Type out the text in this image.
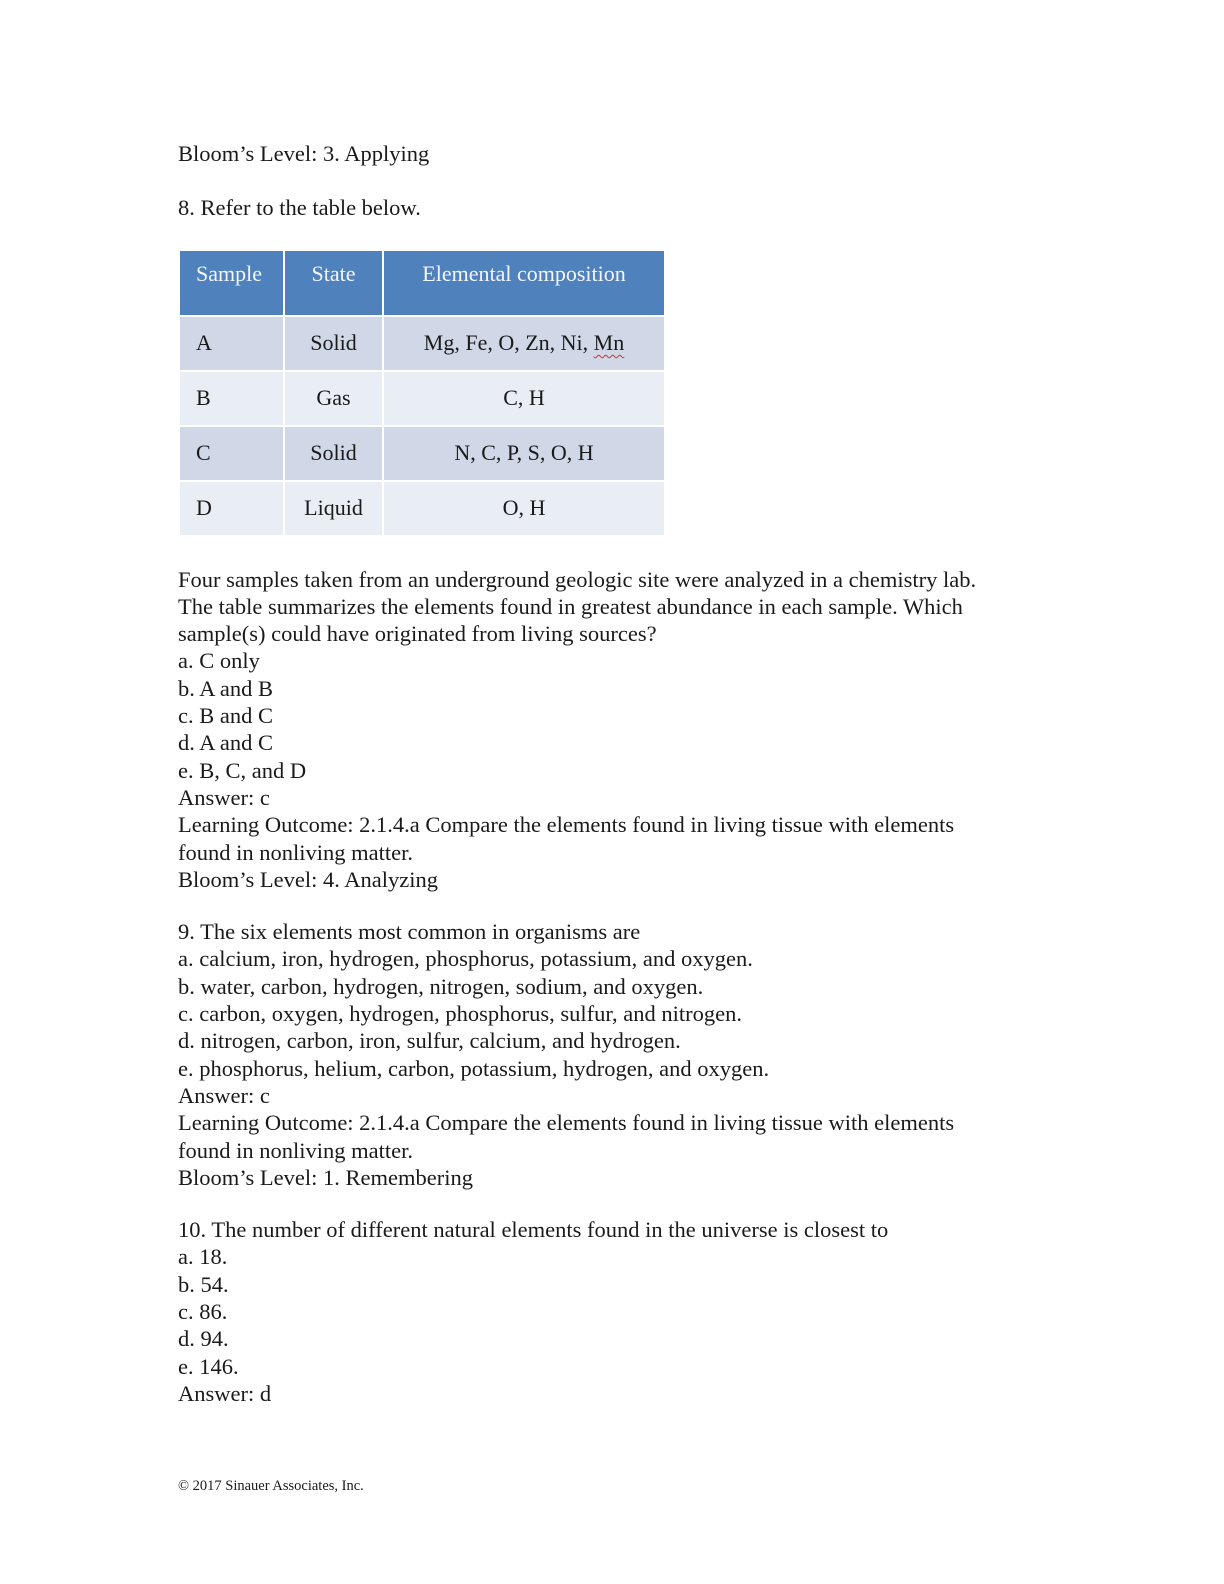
Bloom’s Level: 3. Applying
8. Refer to the table below.
Sample	State	Elemental composition
A	Solid	Mg, Fe, O, Zn, Ni, Mn
B	Gas	C, H
C	Solid	N, C, P, S, O, H
D	Liquid	O, H
Four samples taken from an underground geologic site were analyzed in a chemistry lab.
The table summarizes the elements found in greatest abundance in each sample. Which
sample(s) could have originated from living sources?
a. C only
b. A and B
c. B and C
d. A and C
e. B, C, and D
Answer: c
Learning Outcome: 2.1.4.a Compare the elements found in living tissue with elements
found in nonliving matter.
Bloom’s Level: 4. Analyzing
9. The six elements most common in organisms are
a. calcium, iron, hydrogen, phosphorus, potassium, and oxygen.
b. water, carbon, hydrogen, nitrogen, sodium, and oxygen.
c. carbon, oxygen, hydrogen, phosphorus, sulfur, and nitrogen.
d. nitrogen, carbon, iron, sulfur, calcium, and hydrogen.
e. phosphorus, helium, carbon, potassium, hydrogen, and oxygen.
Answer: c
Learning Outcome: 2.1.4.a Compare the elements found in living tissue with elements
found in nonliving matter.
Bloom’s Level: 1. Remembering
10. The number of different natural elements found in the universe is closest to
a. 18.
b. 54.
c. 86.
d. 94.
e. 146.
Answer: d
© 2017 Sinauer Associates, Inc.
